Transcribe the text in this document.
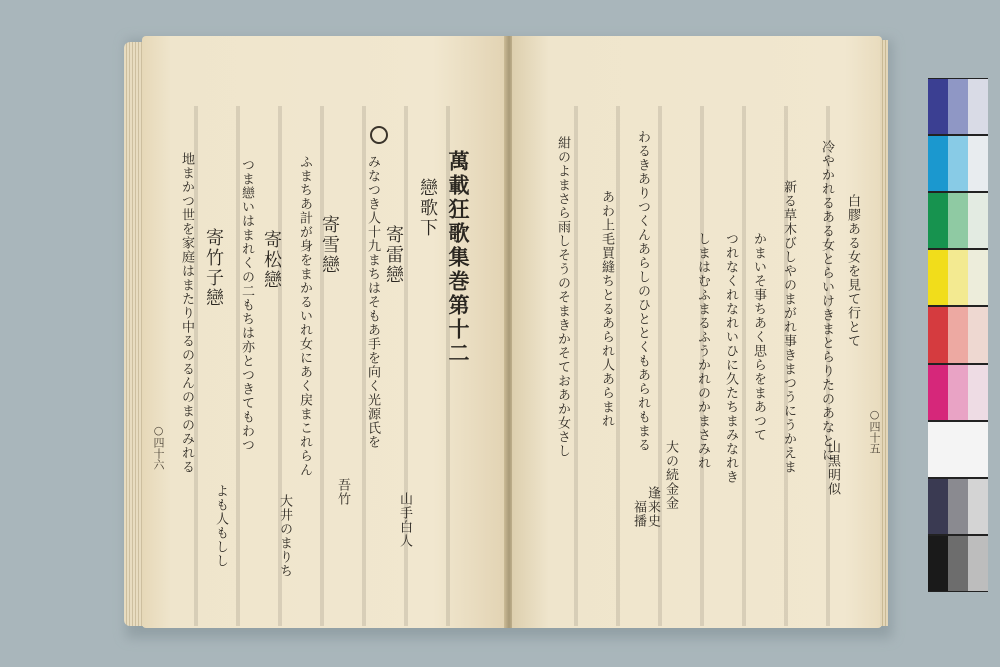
萬載狂歌集巻第十二
戀歌下
寄雷戀
みなつき人十九まちはそもあ手を向く光源氏を
寄雪戀
ふまちあ計が身をまかるいれ女にあく戻まこれらん
寄松戀
つま戀いはまれくの二もちは亦とつきてもわつ
寄竹子戀
地まかつ世を家庭はまたり中るのるんのまのみれる
山手白人
吾竹
大井のまりち
よも人もしし
○四十六
白膠ある女を見て行とて
冷やかれるある女とらいけきまとらりたのあなとに
新る草木びしやのまがれ事きまつうにうかえま
かまいそ事ちあく思らをまあつて
つれなくれなれいひに久たちまみなれき
しまはむふまるふうかれのかまさみれ
わるきありつくんあらしのひととくもあられもまる
あわ上毛買縫ちとるあられ人あらまれ
紺のよまさら雨しそうのそまきかそておあか女さし
山黒明似
大の続金金
逢来史
福播
○四十五
